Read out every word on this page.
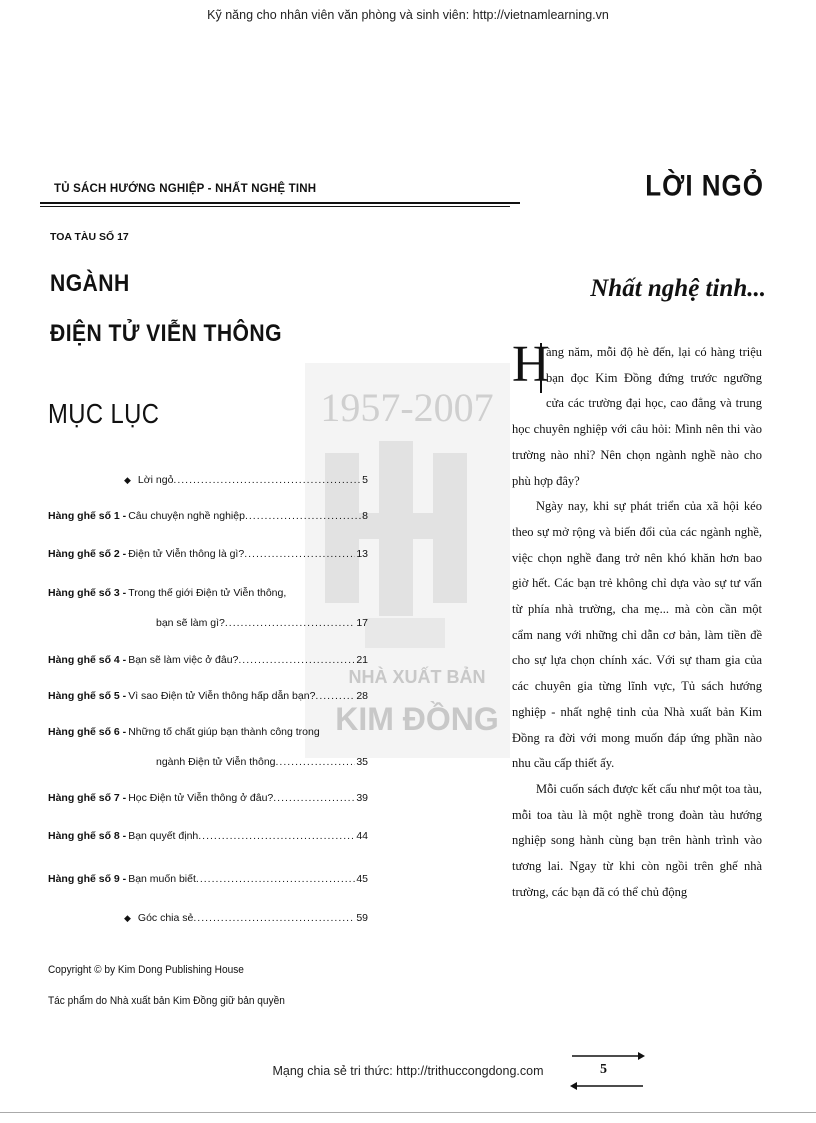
Kỹ năng cho nhân viên văn phòng và sinh viên: http://vietnamlearning.vn
TỦ SÁCH HƯỚNG NGHIỆP - NHẤT NGHỆ TINH	LỜI NGỎ
TOA TÀU SỐ 17
NGÀNH
ĐIỆN TỬ VIỄN THÔNG
MỤC LỤC	1957-2007
NHÀ XUẤT BẢN
KIM ĐỒNG
◆ Lời ngỏ .....	5
Hàng ghế số 1 - Câu chuyện nghề nghiệp .....	8
Hàng ghế số 2 - Điện tử Viễn thông là gì? .....	13
Hàng ghế số 3 - Trong thế giới Điện tử Viễn thông,
bạn sẽ làm gì? .....	17
Hàng ghế số 4 - Bạn sẽ làm việc ở đâu? .....	21
Hàng ghế số 5 - Vì sao Điện tử Viễn thông hấp dẫn bạn? .....	28
Hàng ghế số 6 - Những tố chất giúp bạn thành công trong
ngành Điện tử Viễn thông .....	35
Hàng ghế số 7 - Học Điện tử Viễn thông ở đâu? .....	39
Hàng ghế số 8 - Bạn quyết định .....	44
Hàng ghế số 9 - Bạn muốn biết .....	45
◆ Góc chia sẻ .....	59
Copyright © by Kim Dong Publishing House
Tác phẩm do Nhà xuất bản Kim Đồng giữ bản quyền
Nhất nghệ tinh...
H
àng năm, mỗi độ hè đến, lại có hàng triệu bạn đọc Kim Đồng đứng trước ngưỡng cửa các trường đại học, cao đẳng và trung học chuyên nghiệp với câu hỏi: Mình nên thi vào trường nào nhỉ? Nên chọn ngành nghề nào cho phù hợp đây?
Ngày nay, khi sự phát triển của xã hội kéo theo sự mở rộng và biến đổi của các ngành nghề, việc chọn nghề đang trở nên khó khăn hơn bao giờ hết. Các bạn trẻ không chỉ dựa vào sự tư vấn từ phía nhà trường, cha mẹ... mà còn cần một cẩm nang với những chỉ dẫn cơ bản, làm tiền đề cho sự lựa chọn chính xác. Với sự tham gia của các chuyên gia từng lĩnh vực, Tủ sách hướng nghiệp - nhất nghệ tinh của Nhà xuất bản Kim Đồng ra đời với mong muốn đáp ứng phần nào nhu cầu cấp thiết ấy.
Mỗi cuốn sách được kết cấu như một toa tàu, mỗi toa tàu là một nghề trong đoàn tàu hướng nghiệp song hành cùng bạn trên hành trình vào tương lai. Ngay từ khi còn ngồi trên ghế nhà trường, các bạn đã có thể chủ động
Mạng chia sẻ tri thức: http://trithuccongdong.com	5
